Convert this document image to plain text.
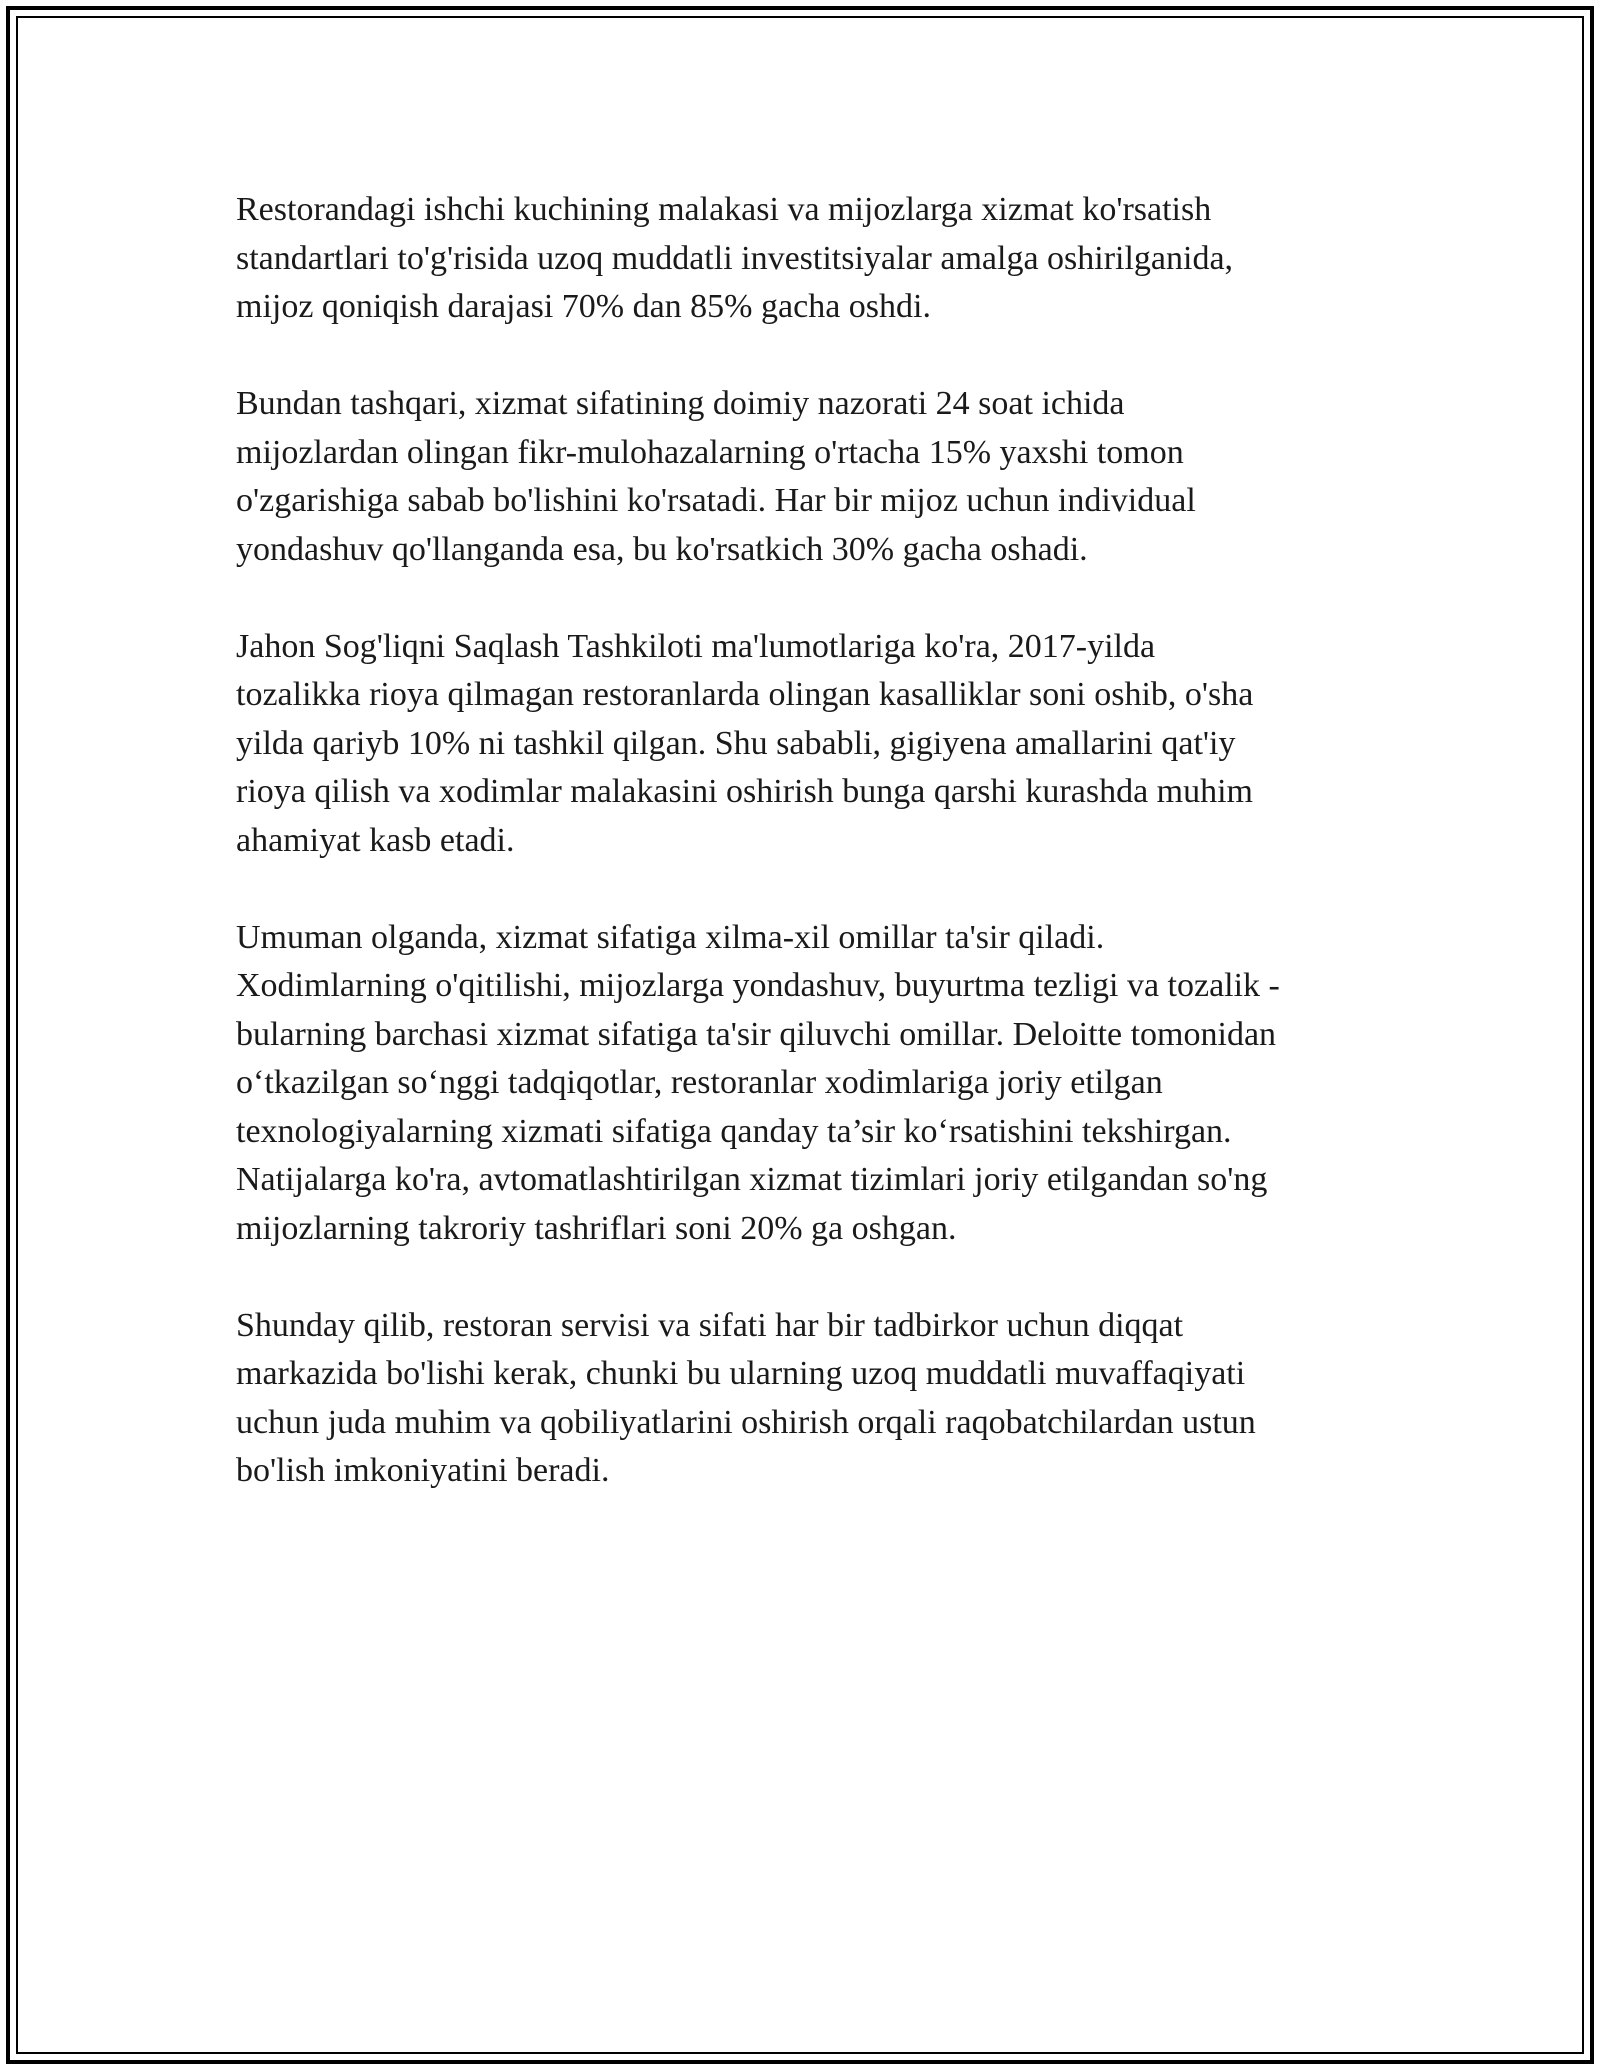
Restorandagi ishchi kuchining malakasi va mijozlarga xizmat ko'rsatish
standartlari to'g'risida uzoq muddatli investitsiyalar amalga oshirilganida,
mijoz qoniqish darajasi 70% dan 85% gacha oshdi.

Bundan tashqari, xizmat sifatining doimiy nazorati 24 soat ichida
mijozlardan olingan fikr-mulohazalarning o'rtacha 15% yaxshi tomon
o'zgarishiga sabab bo'lishini ko'rsatadi. Har bir mijoz uchun individual
yondashuv qo'llanganda esa, bu ko'rsatkich 30% gacha oshadi.

Jahon Sog'liqni Saqlash Tashkiloti ma'lumotlariga ko'ra, 2017-yilda
tozalikka rioya qilmagan restoranlarda olingan kasalliklar soni oshib, o'sha
yilda qariyb 10% ni tashkil qilgan. Shu sababli, gigiyena amallarini qat'iy
rioya qilish va xodimlar malakasini oshirish bunga qarshi kurashda muhim
ahamiyat kasb etadi.

Umuman olganda, xizmat sifatiga xilma-xil omillar ta'sir qiladi.
Xodimlarning o'qitilishi, mijozlarga yondashuv, buyurtma tezligi va tozalik -
bularning barchasi xizmat sifatiga ta'sir qiluvchi omillar. Deloitte tomonidan
o‘tkazilgan so‘nggi tadqiqotlar, restoranlar xodimlariga joriy etilgan
texnologiyalarning xizmati sifatiga qanday ta’sir ko‘rsatishini tekshirgan.
Natijalarga ko'ra, avtomatlashtirilgan xizmat tizimlari joriy etilgandan so'ng
mijozlarning takroriy tashriflari soni 20% ga oshgan.

Shunday qilib, restoran servisi va sifati har bir tadbirkor uchun diqqat
markazida bo'lishi kerak, chunki bu ularning uzoq muddatli muvaffaqiyati
uchun juda muhim va qobiliyatlarini oshirish orqali raqobatchilardan ustun
bo'lish imkoniyatini beradi.
